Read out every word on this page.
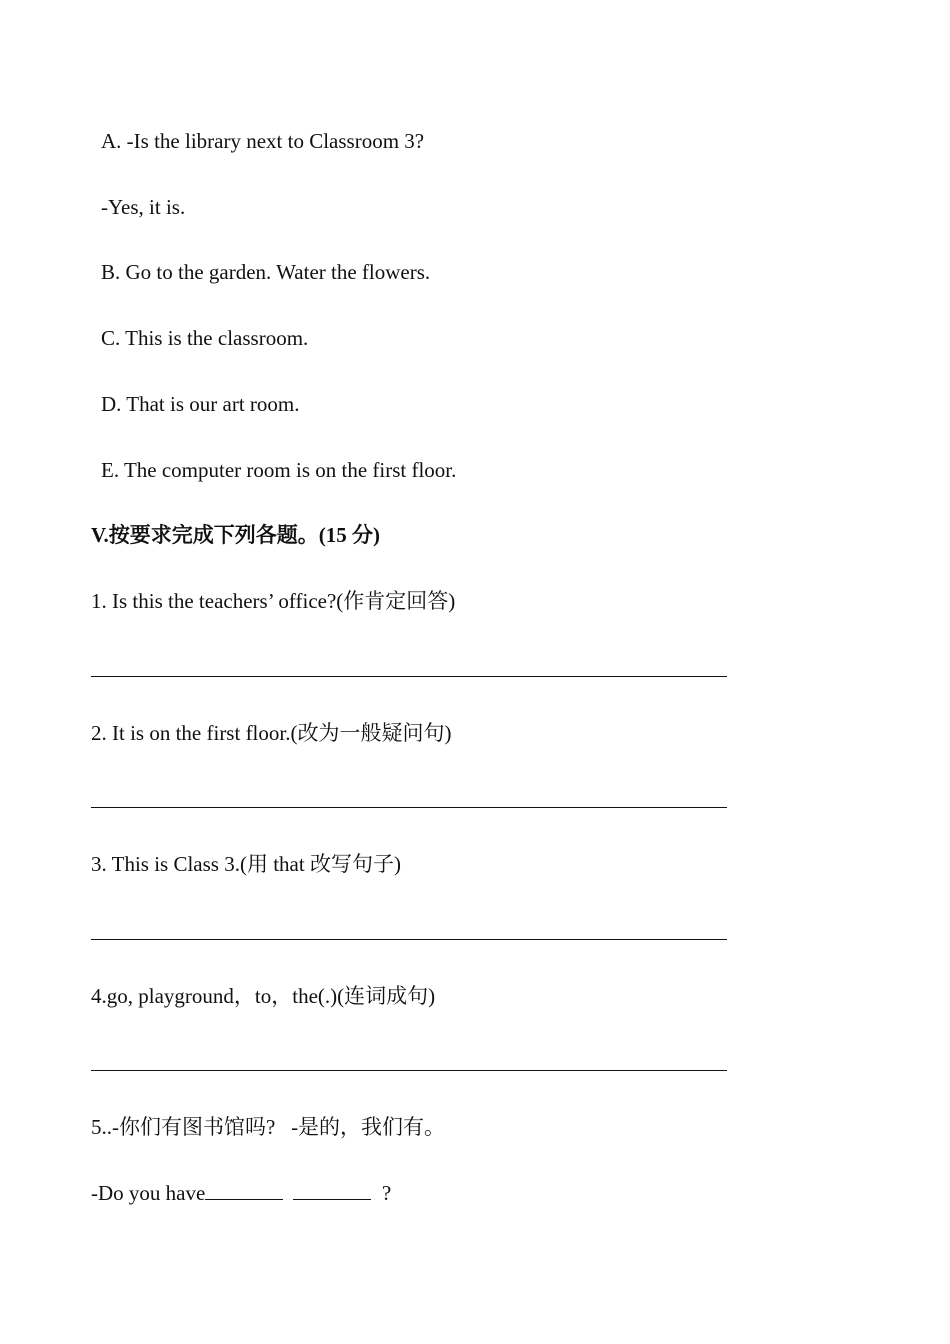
A. -Is the library next to Classroom 3?
-Yes, it is.
B. Go to the garden. Water the flowers.
C. This is the classroom.
D. That is our art room.
E. The computer room is on the first floor.
V.按要求完成下列各题。(15 分)
1. Is this the teachers’ office?(作肯定回答)
2. It is on the first floor.(改为一般疑问句)
3. This is Class 3.(用 that 改写句子)
4.go, playground，to，the(.)(连词成句)
5..-你们有图书馆吗?   -是的，我们有。
-Do you have	?
